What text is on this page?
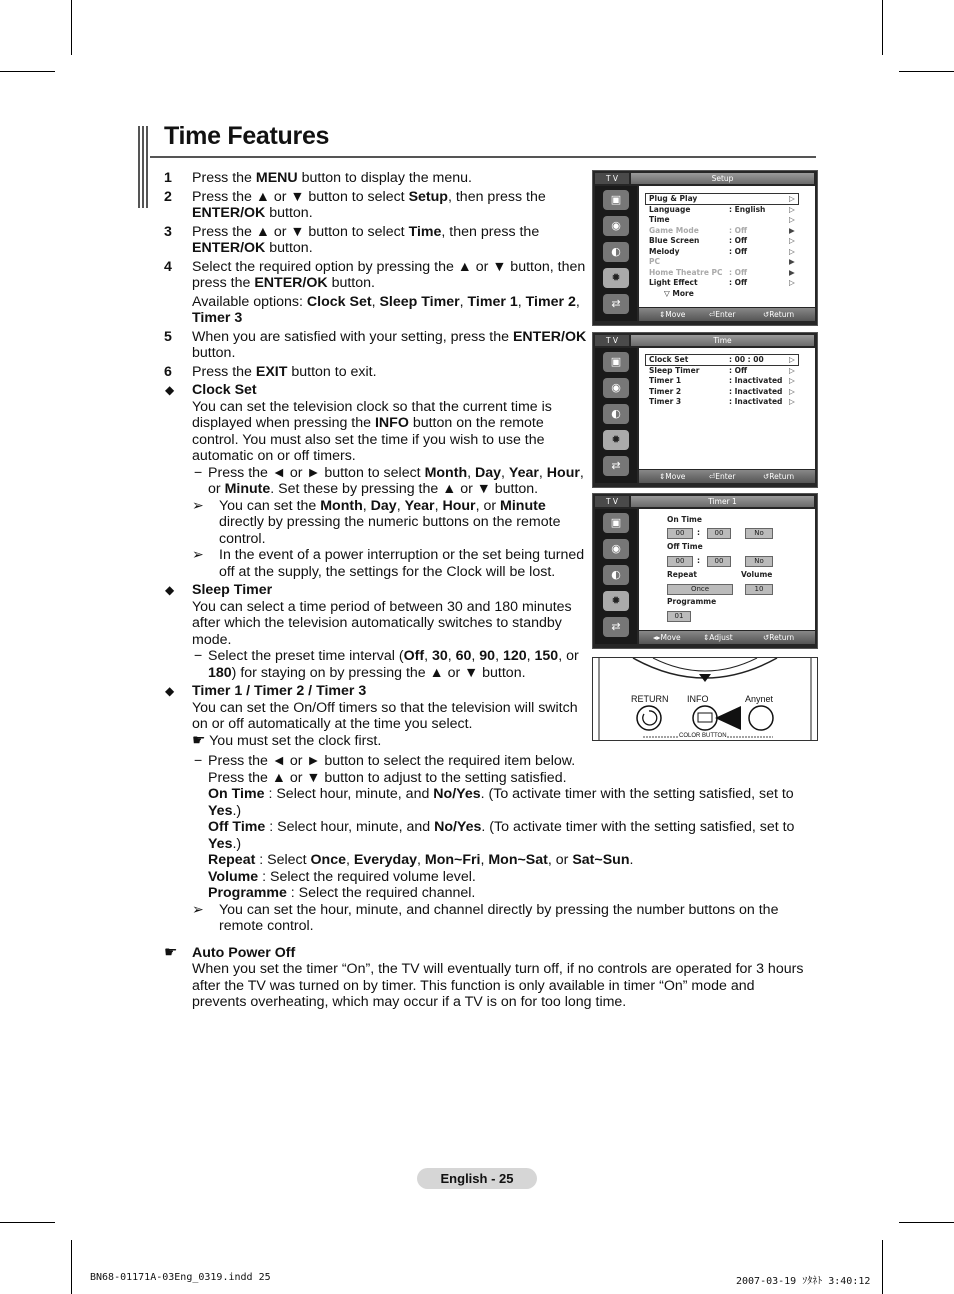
Time Features
1 Press the MENU button to display the menu.
2 Press the ▲ or ▼ button to select Setup, then press the ENTER/OK button.
3 Press the ▲ or ▼ button to select Time, then press the ENTER/OK button.
4 Select the required option by pressing the ▲ or ▼ button, then press the ENTER/OK button.
Available options: Clock Set, Sleep Timer, Timer 1, Timer 2, Timer 3
5 When you are satisfied with your setting, press the ENTER/OK button.
6 Press the EXIT button to exit.
◆ Clock Set
You can set the television clock so that the current time is displayed when pressing the INFO button on the remote control. You must also set the time if you wish to use the automatic on or off timers.
− Press the ◄ or ► button to select Month, Day, Year, Hour, or Minute. Set these by pressing the ▲ or ▼ button.
➢ You can set the Month, Day, Year, Hour, or Minute directly by pressing the numeric buttons on the remote control.
➢ In the event of a power interruption or the set being turned off at the supply, the settings for the Clock will be lost.
◆ Sleep Timer
You can select a time period of between 30 and 180 minutes after which the television automatically switches to standby mode.
− Select the preset time interval (Off, 30, 60, 90, 120, 150, or 180) for staying on by pressing the ▲ or ▼ button.
◆ Timer 1 / Timer 2 / Timer 3
You can set the On/Off timers so that the television will switch on or off automatically at the time you select.
☛ You must set the clock first.
− Press the ◄ or ► button to select the required item below.
Press the ▲ or ▼ button to adjust to the setting satisfied.
On Time : Select hour, minute, and No/Yes. (To activate timer with the setting satisfied, set to Yes.)
Off Time : Select hour, minute, and No/Yes. (To activate timer with the setting satisfied, set to Yes.)
Repeat : Select Once, Everyday, Mon~Fri, Mon~Sat, or Sat~Sun.
Volume : Select the required volume level.
Programme : Select the required channel.
➢ You can set the hour, minute, and channel directly by pressing the number buttons on the remote control.
☛ Auto Power Off
When you set the timer “On”, the TV will eventually turn off, if no controls are operated for 3 hours after the TV was turned on by timer. This function is only available in timer “On” mode and prevents overheating, which may occur if a TV is on for too long time.
T V	Setup
▣
◉
◐
✹
⇄
Plug & Play	▷
Language	: English	▷
Time	▷
Game Mode	: Off	▶
Blue Screen	: Off	▷
Melody	: Off	▷
PC	▶
Home Theatre PC : Off	▶
Light Effect	: Off	▷
▽ More
⇕ Move	⏎ Enter	↺ Return
T V	Time
▣
◉
◐
✹
⇄
Clock Set	: 00 : 00	▷
Sleep Timer	: Off	▷
Timer 1	: Inactivated ▷
Timer 2	: Inactivated ▷
Timer 3	: Inactivated ▷
⇕ Move	⏎ Enter	↺ Return
T V	Timer 1
▣
◉
◐
✹
⇄
On Time
00	:	00	No
Off Time
00	:	00	No
Repeat	Volume
Once	10
Programme
01
◂▸ Move	⇕ Adjust	↺ Return
RETURN INFO	Anynet
COLOR BUTTON
English - 25
BN68-01171A-03Eng_0319.indd 25	2007-03-19 ｿﾀﾈﾄ 3:40:12
